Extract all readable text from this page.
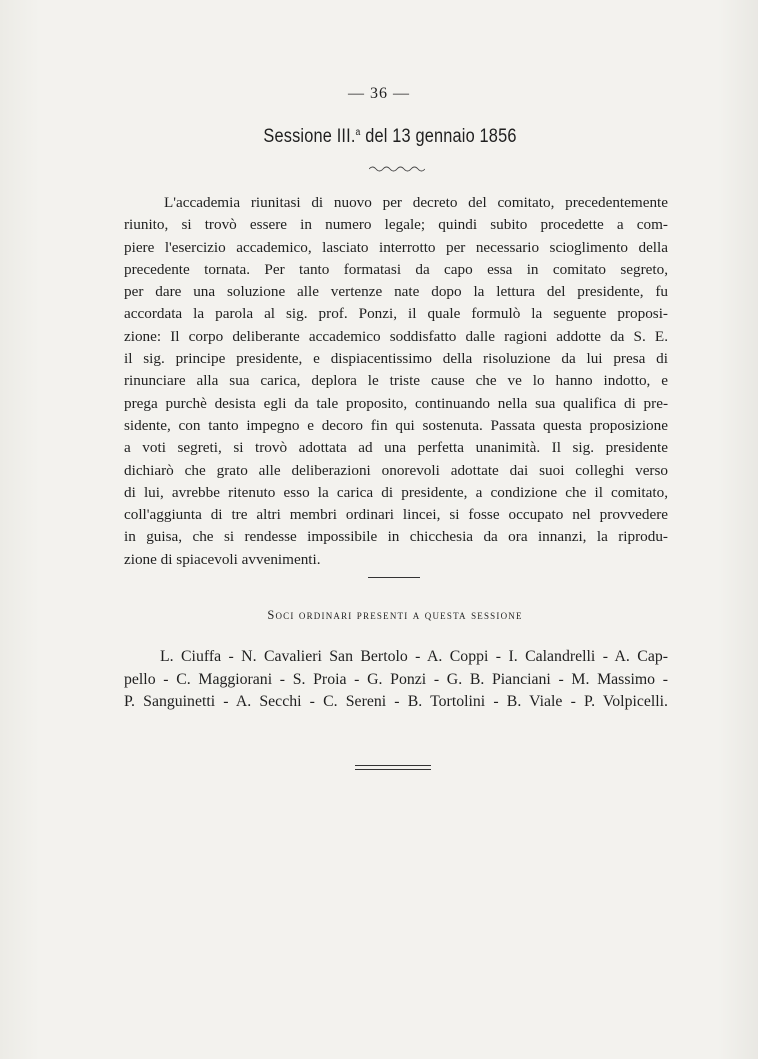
— 36 —
Sessione III.$^a$ del 13 gennaio 1856
L'accademia riunitasi di nuovo per decreto del comitato, precedentemente
riunito, si trovò essere in numero legale; quindi subito procedette a com-
piere l'esercizio accademico, lasciato interrotto per necessario scioglimento della
precedente tornata. Per tanto formatasi da capo essa in comitato segreto,
per dare una soluzione alle vertenze nate dopo la lettura del presidente, fu
accordata la parola al sig. prof. Ponzi, il quale formulò la seguente proposi-
zione: Il corpo deliberante accademico soddisfatto dalle ragioni addotte da S. E.
il sig. principe presidente, e dispiacentissimo della risoluzione da lui presa di
rinunciare alla sua carica, deplora le triste cause che ve lo hanno indotto, e
prega purchè desista egli da tale proposito, continuando nella sua qualifica di pre-
sidente, con tanto impegno e decoro fin qui sostenuta. Passata questa proposizione
a voti segreti, si trovò adottata ad una perfetta unanimità. Il sig. presidente
dichiarò che grato alle deliberazioni onorevoli adottate dai suoi colleghi verso
di lui, avrebbe ritenuto esso la carica di presidente, a condizione che il comitato,
coll'aggiunta di tre altri membri ordinari lincei, si fosse occupato nel provvedere
in guisa, che si rendesse impossibile in chicchesia da ora innanzi, la riprodu-
zione di spiacevoli avvenimenti.
Soci ordinari presenti a questa sessione
L. Ciuffa - N. Cavalieri San Bertolo - A. Coppi - I. Calandrelli - A. Cap-
pello - C. Maggiorani - S. Proia - G. Ponzi - G. B. Pianciani - M. Massimo -
P. Sanguinetti - A. Secchi - C. Sereni - B. Tortolini - B. Viale - P. Volpicelli.
